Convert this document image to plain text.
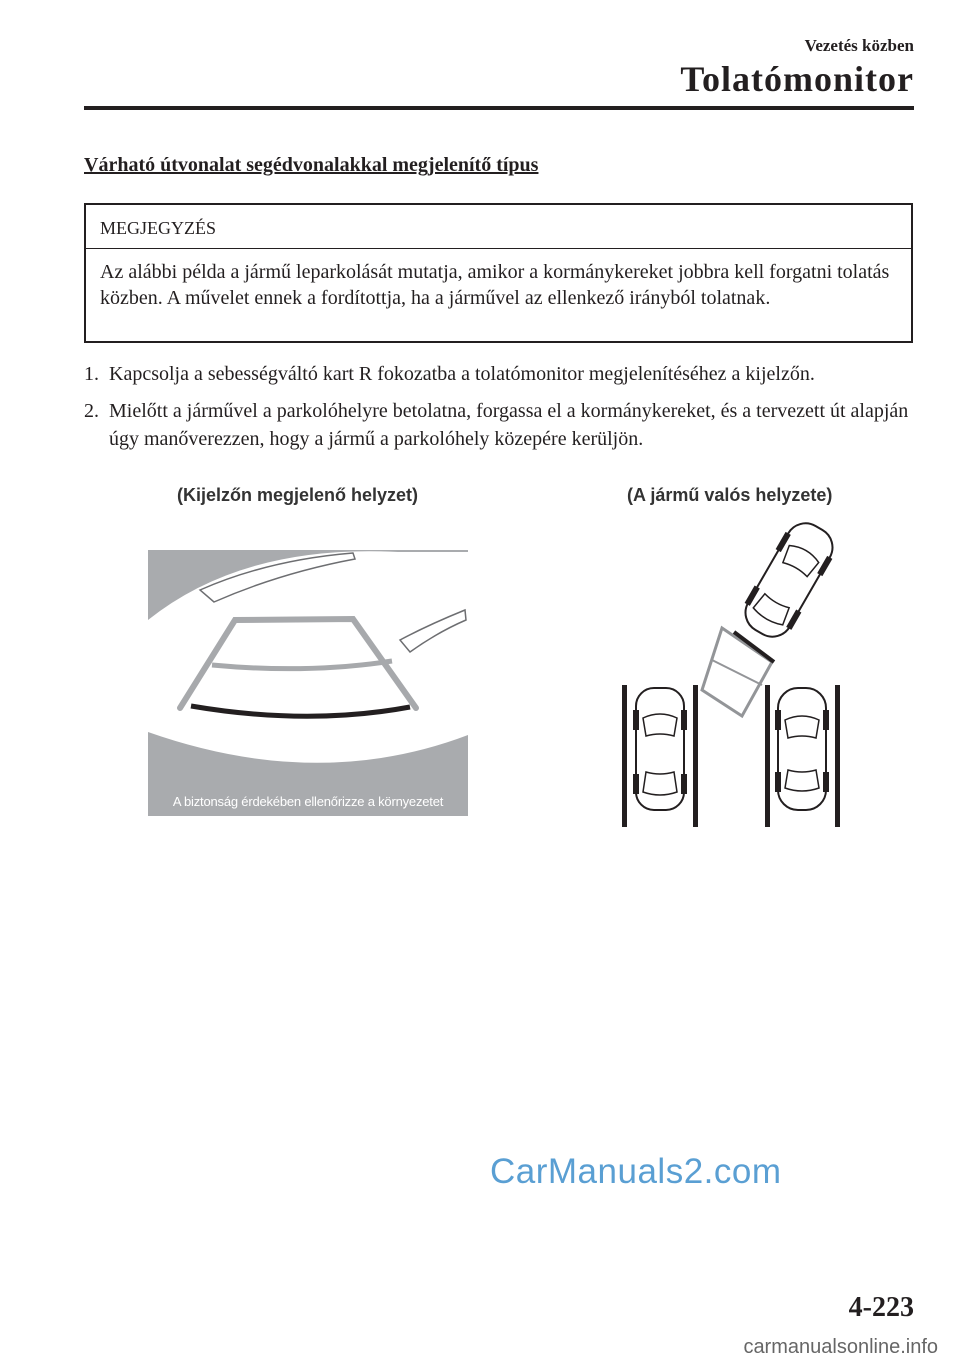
Vezetés közben
Tolatómonitor
Várható útvonalat segédvonalakkal megjelenítő típus
MEGJEGYZÉS
Az alábbi példa a jármű leparkolását mutatja, amikor a kormánykereket jobbra kell forgatni tolatás közben. A művelet ennek a fordítottja, ha a járművel az ellenkező irányból tolatnak.
1. Kapcsolja a sebességváltó kart R fokozatba a tolatómonitor megjelenítéséhez a kijelzőn.
2. Mielőtt a járművel a parkolóhelyre betolatna, forgassa el a kormánykereket, és a tervezett út alapján úgy manőverezzen, hogy a jármű a parkolóhely közepére kerüljön.
(Kijelzőn megjelenő helyzet)	(A jármű valós helyzete)
A biztonság érdekében ellenőrizze a környezetet
CarManuals2.com
4-223
carmanualsonline.info
